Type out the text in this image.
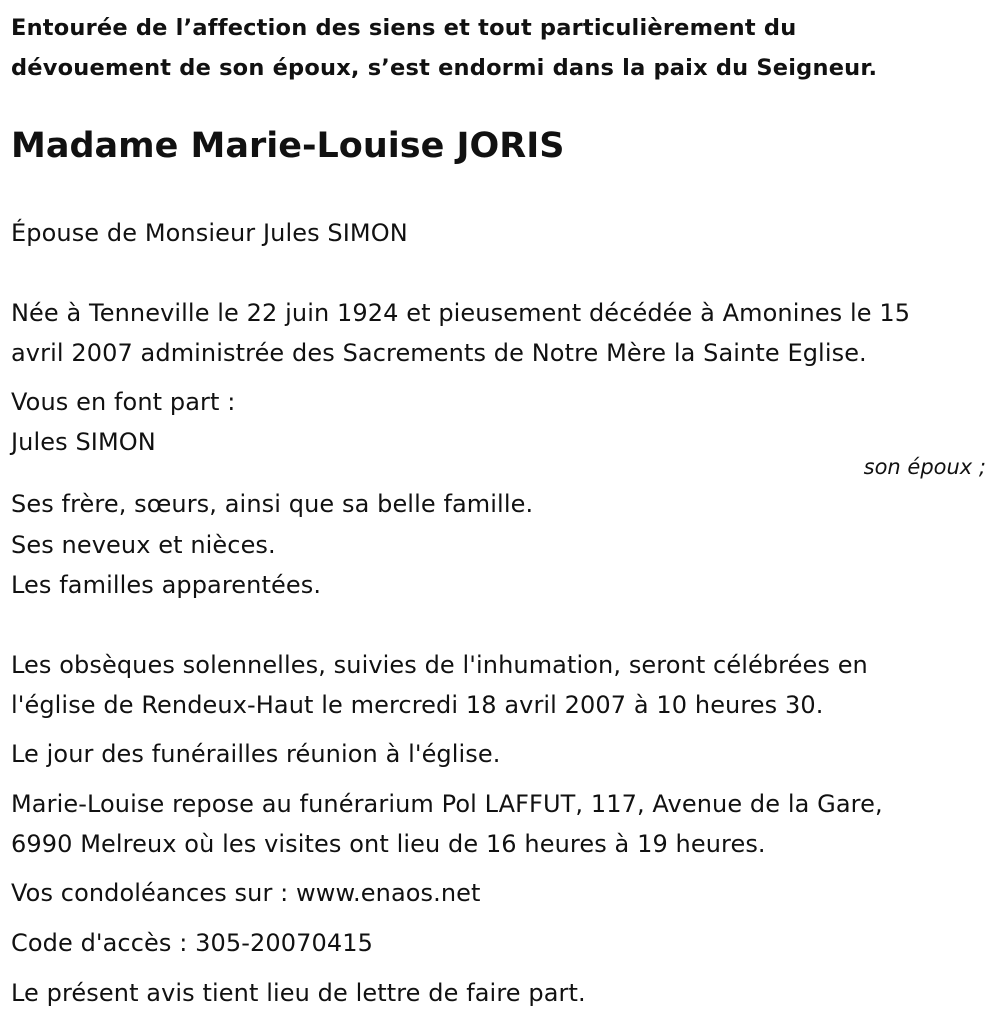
Entourée de l’affection des siens et tout particulièrement du
dévouement de son époux, s’est endormi dans la paix du Seigneur.
Madame Marie-Louise JORIS
Épouse de Monsieur Jules SIMON
Née à Tenneville le 22 juin 1924 et pieusement décédée à Amonines le 15
avril 2007 administrée des Sacrements de Notre Mère la Sainte Eglise.
Vous en font part :
Jules SIMON
son époux ;
Ses frère, sœurs, ainsi que sa belle famille.
Ses neveux et nièces.
Les familles apparentées.
Les obsèques solennelles, suivies de l'inhumation, seront célébrées en
l'église de Rendeux-Haut le mercredi 18 avril 2007 à 10 heures 30.
Le jour des funérailles réunion à l'église.
Marie-Louise repose au funérarium Pol LAFFUT, 117, Avenue de la Gare,
6990 Melreux où les visites ont lieu de 16 heures à 19 heures.
Vos condoléances sur : www.enaos.net
Code d'accès : 305-20070415
Le présent avis tient lieu de lettre de faire part.
